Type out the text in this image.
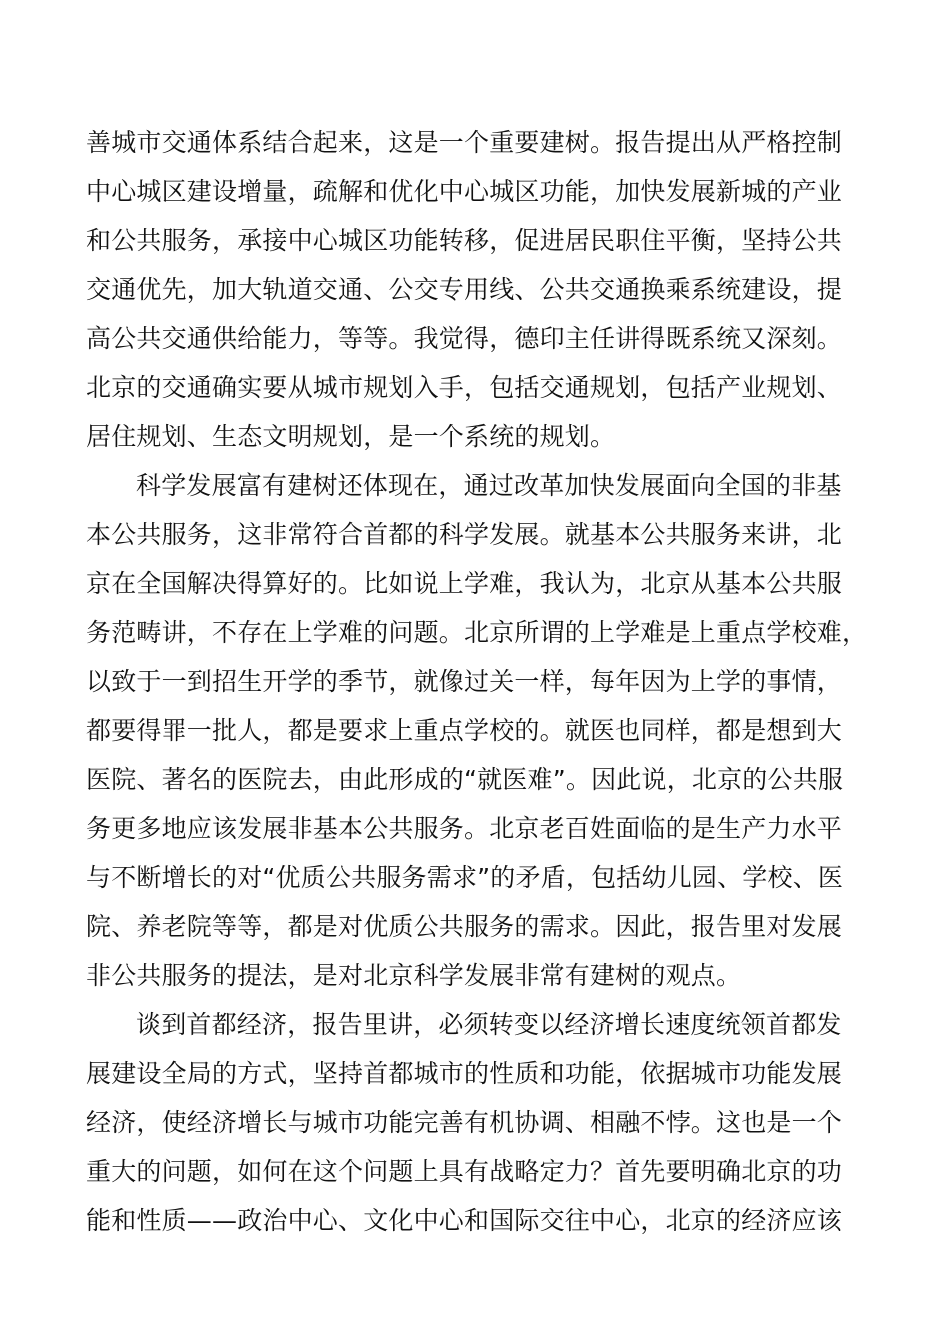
善城市交通体系结合起来，这是一个重要建树。报告提出从严格控制
中心城区建设增量，疏解和优化中心城区功能，加快发展新城的产业
和公共服务，承接中心城区功能转移，促进居民职住平衡，坚持公共
交通优先，加大轨道交通、公交专用线、公共交通换乘系统建设，提
高公共交通供给能力，等等。我觉得，德印主任讲得既系统又深刻。
北京的交通确实要从城市规划入手，包括交通规划，包括产业规划、
居住规划、生态文明规划，是一个系统的规划。
科学发展富有建树还体现在，通过改革加快发展面向全国的非基
本公共服务，这非常符合首都的科学发展。就基本公共服务来讲，北
京在全国解决得算好的。比如说上学难，我认为，北京从基本公共服
务范畴讲，不存在上学难的问题。北京所谓的上学难是上重点学校难，
以致于一到招生开学的季节，就像过关一样，每年因为上学的事情，
都要得罪一批人，都是要求上重点学校的。就医也同样，都是想到大
医院、著名的医院去，由此形成的“就医难”。因此说，北京的公共服
务更多地应该发展非基本公共服务。北京老百姓面临的是生产力水平
与不断增长的对“优质公共服务需求”的矛盾，包括幼儿园、学校、医
院、养老院等等，都是对优质公共服务的需求。因此，报告里对发展
非公共服务的提法，是对北京科学发展非常有建树的观点。
谈到首都经济，报告里讲，必须转变以经济增长速度统领首都发
展建设全局的方式，坚持首都城市的性质和功能，依据城市功能发展
经济，使经济增长与城市功能完善有机协调、相融不悖。这也是一个
重大的问题，如何在这个问题上具有战略定力？首先要明确北京的功
能和性质——政治中心、文化中心和国际交往中心，北京的经济应该
